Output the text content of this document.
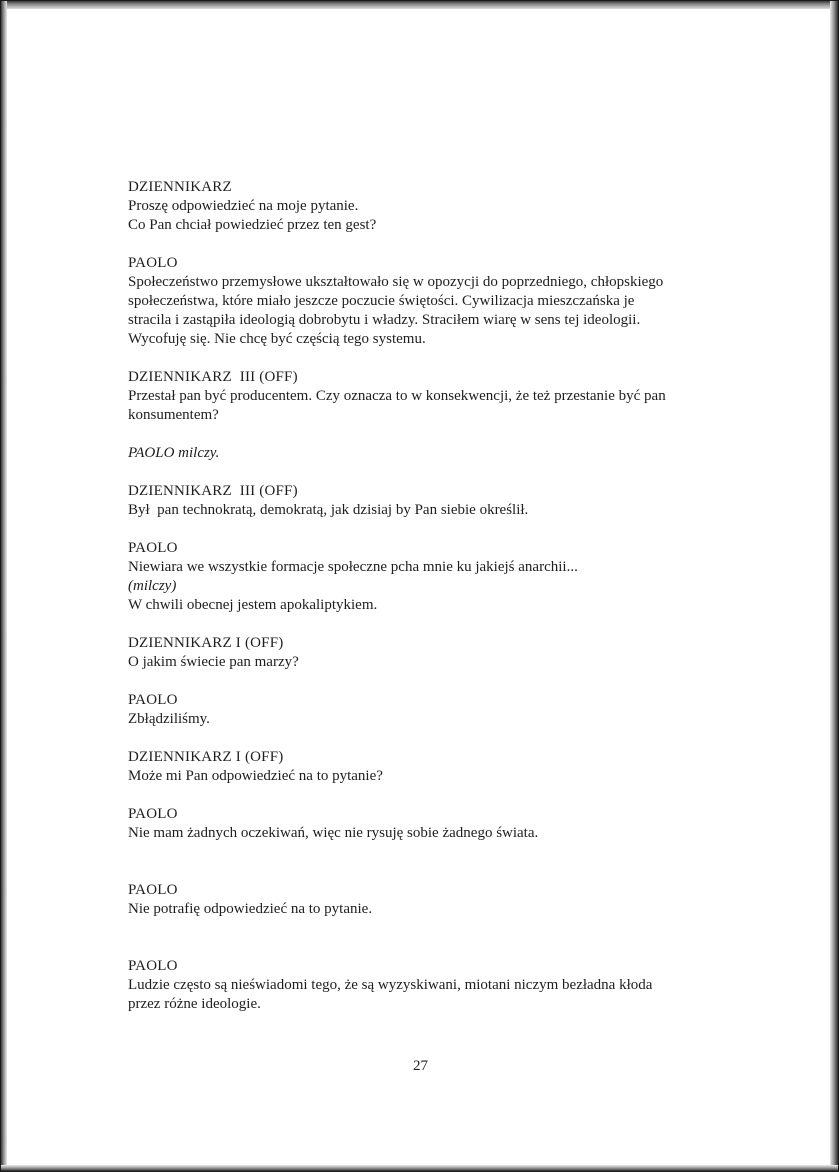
DZIENNIKARZ
Proszę odpowiedzieć na moje pytanie.
Co Pan chciał powiedzieć przez ten gest?
PAOLO
Społeczeństwo przemysłowe ukształtowało się w opozycji do poprzedniego, chłopskiego
społeczeństwa, które miało jeszcze poczucie świętości. Cywilizacja mieszczańska je
stracila i zastąpiła ideologią dobrobytu i władzy. Straciłem wiarę w sens tej ideologii.
Wycofuję się. Nie chcę być częścią tego systemu.
DZIENNIKARZ  III (OFF)
Przestał pan być producentem. Czy oznacza to w konsekwencji, że też przestanie być pan
konsumentem?
PAOLO milczy.
DZIENNIKARZ  III (OFF)
Był  pan technokratą, demokratą, jak dzisiaj by Pan siebie określił.
PAOLO
Niewiara we wszystkie formacje społeczne pcha mnie ku jakiejś anarchii...
(milczy)
W chwili obecnej jestem apokaliptykiem.
DZIENNIKARZ I (OFF)
O jakim świecie pan marzy?
PAOLO
Zbłądziliśmy.
DZIENNIKARZ I (OFF)
Może mi Pan odpowiedzieć na to pytanie?
PAOLO
Nie mam żadnych oczekiwań, więc nie rysuję sobie żadnego świata.
PAOLO
Nie potrafię odpowiedzieć na to pytanie.
PAOLO
Ludzie często są nieświadomi tego, że są wyzyskiwani, miotani niczym bezładna kłoda
przez różne ideologie.
27
